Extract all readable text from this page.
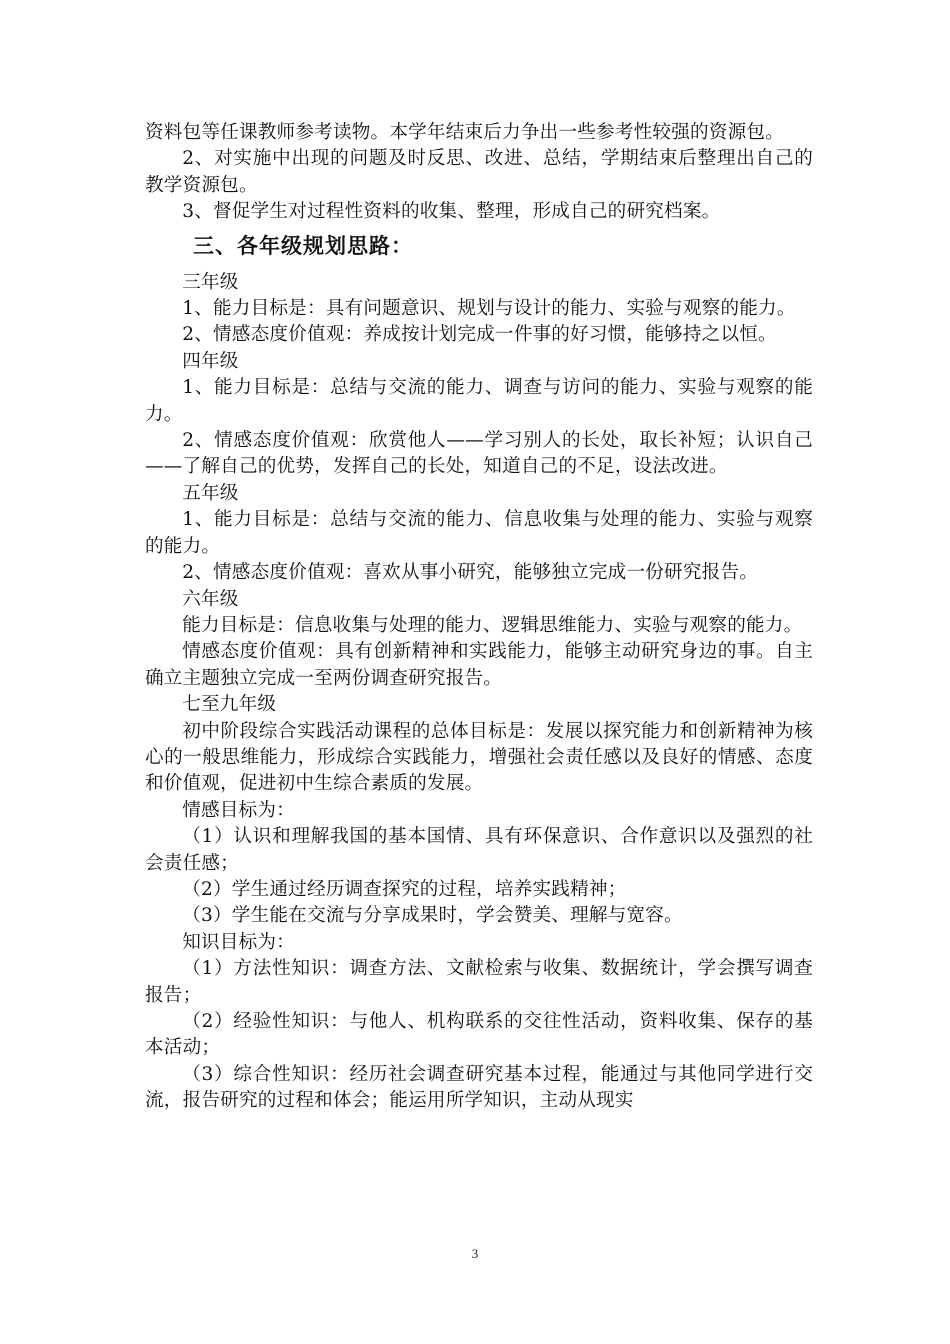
资料包等任课教师参考读物。本学年结束后力争出一些参考性较强的资源包。

2、对实施中出现的问题及时反思、改进、总结，学期结束后整理出自己的教学资源包。

3、督促学生对过程性资料的收集、整理，形成自己的研究档案。

三、各年级规划思路：

三年级

1、能力目标是：具有问题意识、规划与设计的能力、实验与观察的能力。

2、情感态度价值观：养成按计划完成一件事的好习惯，能够持之以恒。

四年级

1、能力目标是：总结与交流的能力、调查与访问的能力、实验与观察的能力。

2、情感态度价值观：欣赏他人——学习别人的长处，取长补短；认识自己——了解自己的优势，发挥自己的长处，知道自己的不足，设法改进。

五年级

1、能力目标是：总结与交流的能力、信息收集与处理的能力、实验与观察的能力。

2、情感态度价值观：喜欢从事小研究，能够独立完成一份研究报告。

六年级

能力目标是：信息收集与处理的能力、逻辑思维能力、实验与观察的能力。

情感态度价值观：具有创新精神和实践能力，能够主动研究身边的事。自主确立主题独立完成一至两份调查研究报告。

七至九年级

初中阶段综合实践活动课程的总体目标是：发展以探究能力和创新精神为核心的一般思维能力，形成综合实践能力，增强社会责任感以及良好的情感、态度和价值观，促进初中生综合素质的发展。

情感目标为：

（1）认识和理解我国的基本国情、具有环保意识、合作意识以及强烈的社会责任感；

（2）学生通过经历调查探究的过程，培养实践精神；

（3）学生能在交流与分享成果时，学会赞美、理解与宽容。

知识目标为：

（1）方法性知识：调查方法、文献检索与收集、数据统计，学会撰写调查报告；

（2）经验性知识：与他人、机构联系的交往性活动，资料收集、保存的基本活动；

（3）综合性知识：经历社会调查研究基本过程，能通过与其他同学进行交流，报告研究的过程和体会；能运用所学知识，主动从现实

3
